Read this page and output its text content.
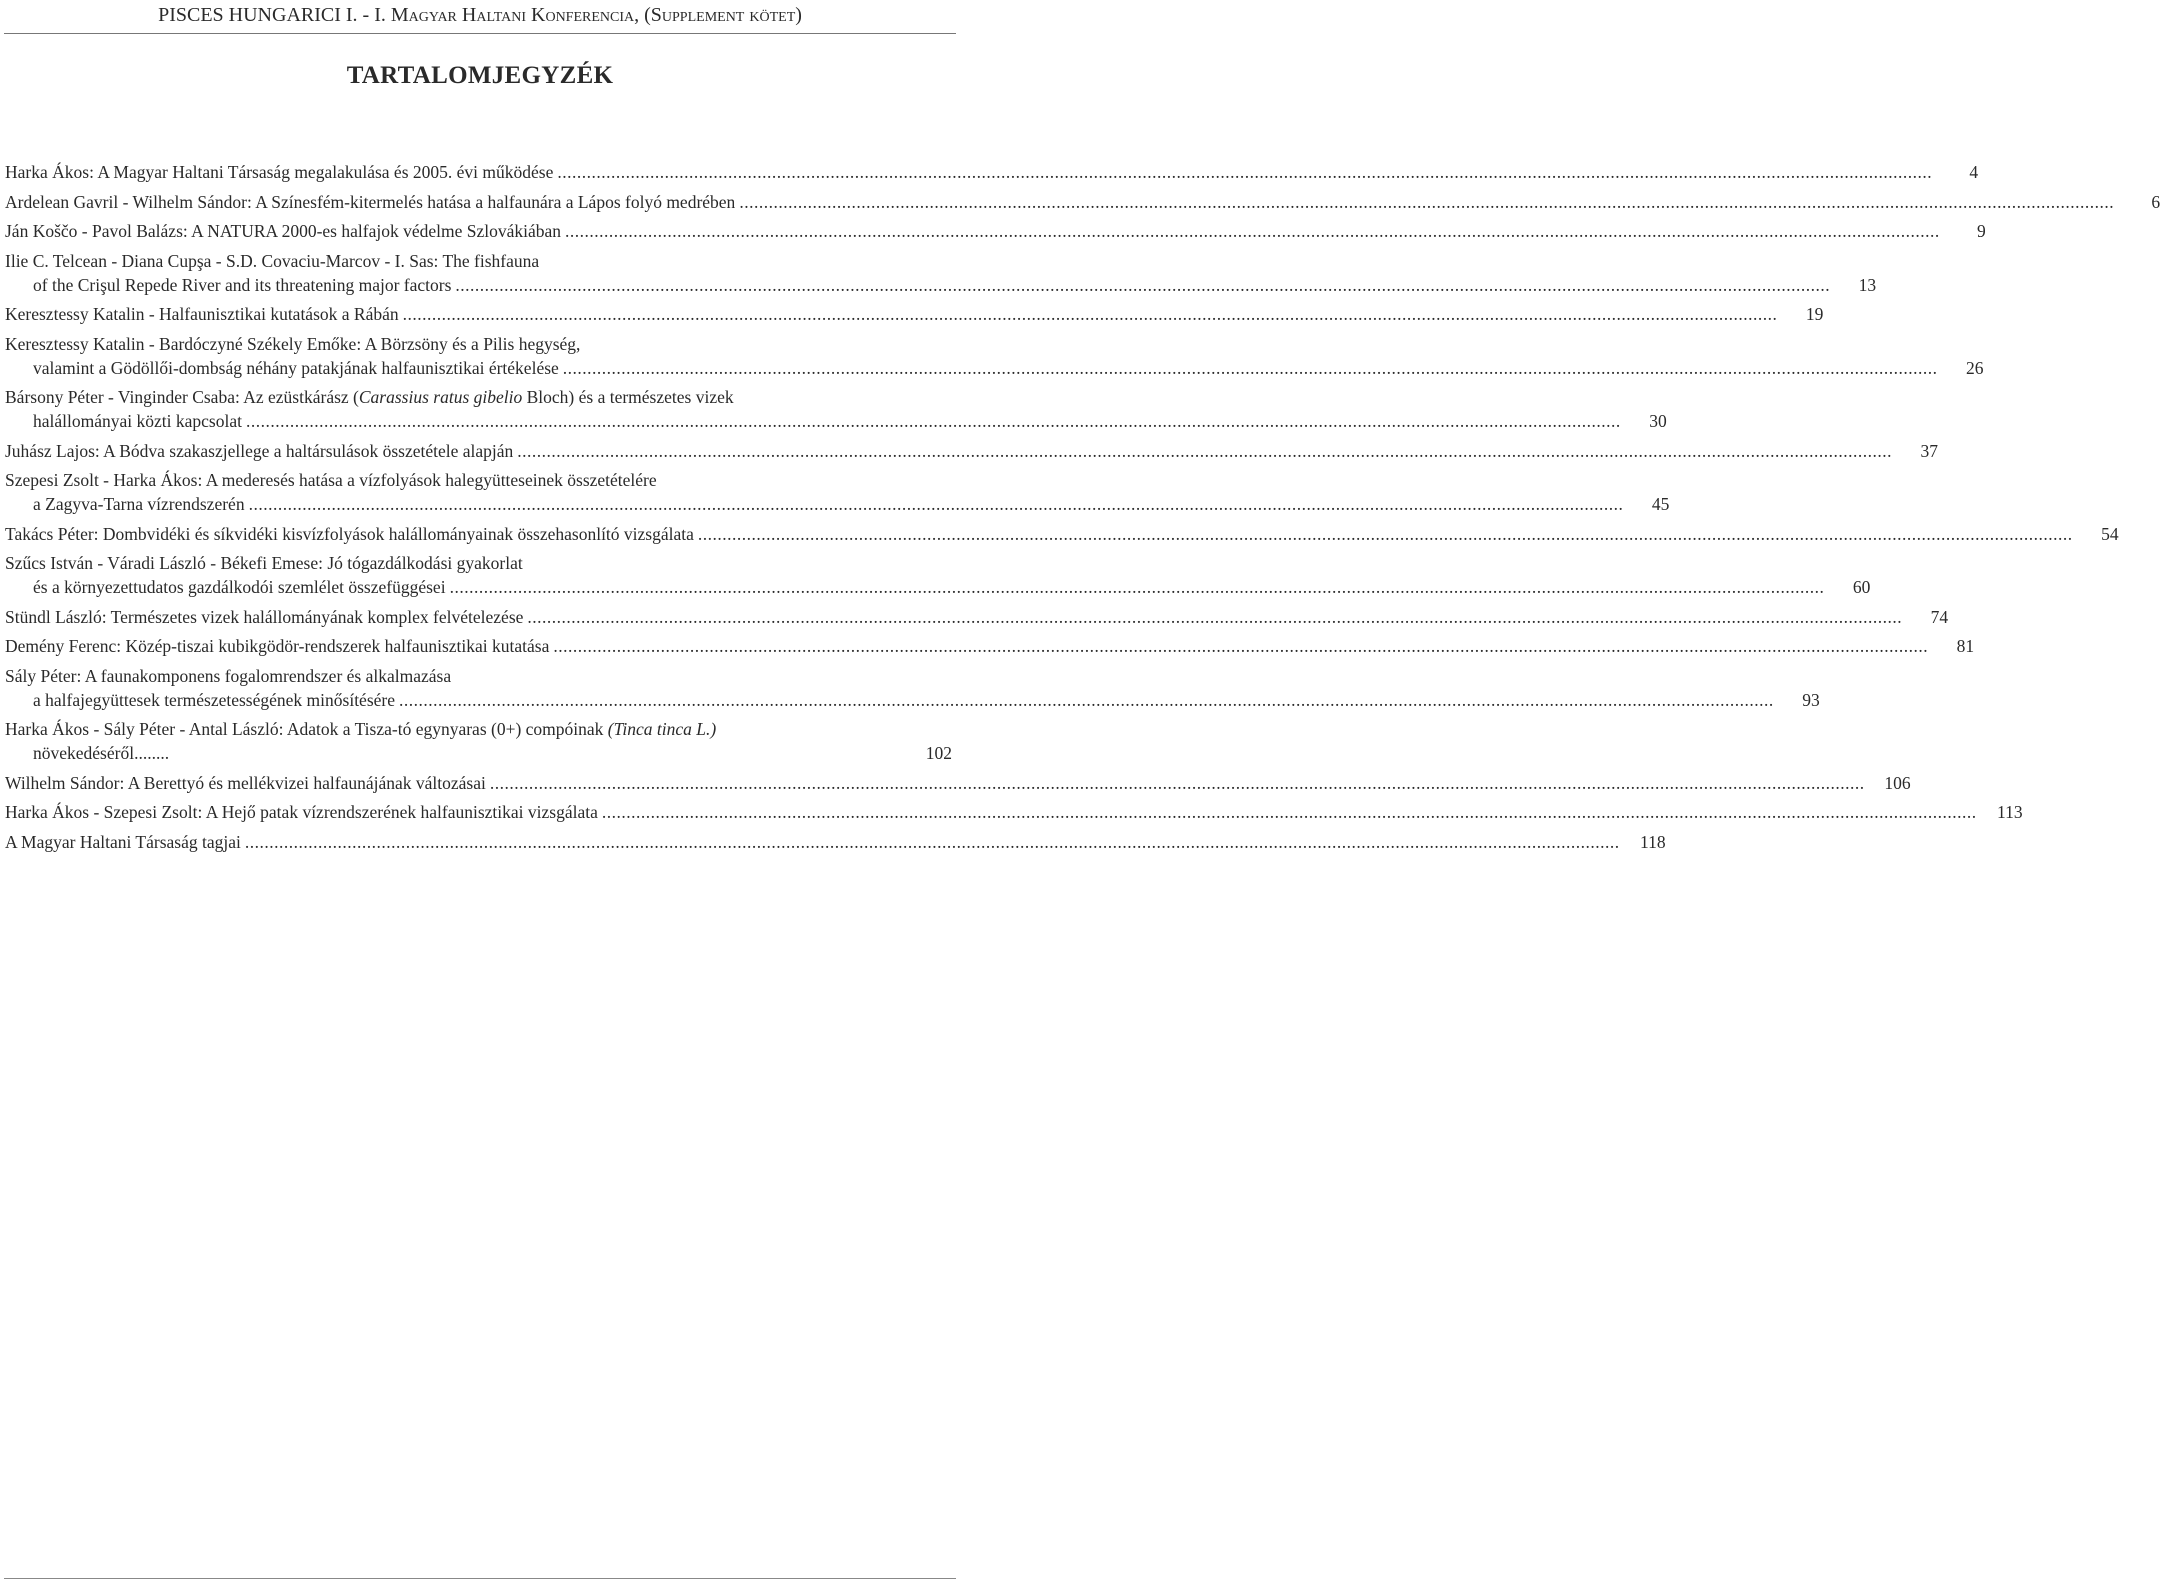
PISCES HUNGARICI I. - I. Magyar Haltani Konferencia, (Supplement kötet)
TARTALOMJEGYZÉK
Harka Ákos: A Magyar Haltani Társaság megalakulása és 2005. évi működése ..........................................................................................................................................................................................................................................................................................	4
Ardelean Gavril - Wilhelm Sándor: A Színesfém-kitermelés hatása a halfaunára a Lápos folyó medrében ..........................................................................................................................................................................................................................................................................................	6
Ján Koščo - Pavol Balázs: A NATURA 2000-es halfajok védelme Szlovákiában ..........................................................................................................................................................................................................................................................................................	9
Ilie C. Telcean - Diana Cupşa - S.D. Covaciu-Marcov - I. Sas: The fishfauna
of the Crişul Repede River and its threatening major factors ..........................................................................................................................................................................................................................................................................................	13
Keresztessy Katalin - Halfaunisztikai kutatások a Rábán ..........................................................................................................................................................................................................................................................................................	19
Keresztessy Katalin - Bardóczyné Székely Emőke: A Börzsöny és a Pilis hegység,
valamint a Gödöllői-dombság néhány patakjának halfaunisztikai értékelése ..........................................................................................................................................................................................................................................................................................	26
Bársony Péter - Vinginder Csaba: Az ezüstkárász (Carassius ratus gibelio Bloch) és a természetes vizek
halállományai közti kapcsolat ..........................................................................................................................................................................................................................................................................................	30
Juhász Lajos: A Bódva szakaszjellege a haltársulások összetétele alapján ..........................................................................................................................................................................................................................................................................................	37
Szepesi Zsolt - Harka Ákos: A mederesés hatása a vízfolyások halegyütteseinek összetételére
a Zagyva-Tarna vízrendszerén ..........................................................................................................................................................................................................................................................................................	45
Takács Péter: Dombvidéki és síkvidéki kisvízfolyások halállományainak összehasonlító vizsgálata ..........................................................................................................................................................................................................................................................................................	54
Szűcs István - Váradi László - Békefi Emese: Jó tógazdálkodási gyakorlat
és a környezettudatos gazdálkodói szemlélet összefüggései ..........................................................................................................................................................................................................................................................................................	60
Stündl László: Természetes vizek halállományának komplex felvételezése ..........................................................................................................................................................................................................................................................................................	74
Demény Ferenc: Közép-tiszai kubikgödör-rendszerek halfaunisztikai kutatása ..........................................................................................................................................................................................................................................................................................	81
Sály Péter: A faunakomponens fogalomrendszer és alkalmazása
a halfajegyüttesek természetességének minősítésére ..........................................................................................................................................................................................................................................................................................	93
Harka Ákos - Sály Péter - Antal László: Adatok a Tisza-tó egynyaras (0+) compóinak (Tinca tinca L.)
növekedéséről ........	102
Wilhelm Sándor: A Berettyó és mellékvizei halfaunájának változásai ..........................................................................................................................................................................................................................................................................................	106
Harka Ákos - Szepesi Zsolt: A Hejő patak vízrendszerének halfaunisztikai vizsgálata ..........................................................................................................................................................................................................................................................................................	113
A Magyar Haltani Társaság tagjai ..........................................................................................................................................................................................................................................................................................	118
